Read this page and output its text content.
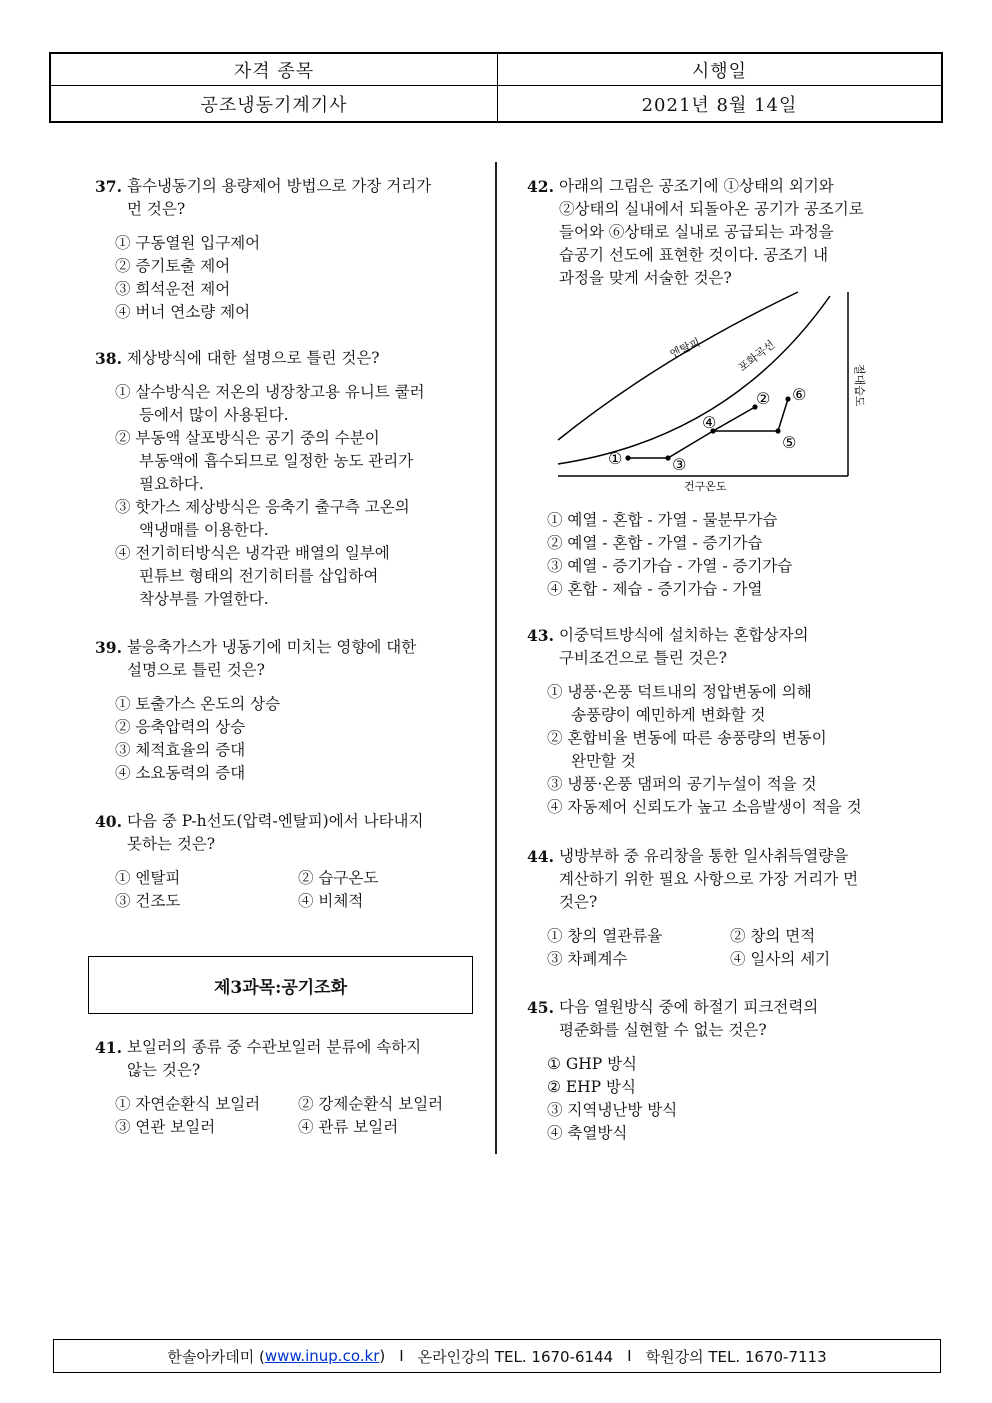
자격 종목	시행일
공조냉동기계기사	2021년 8월 14일
37. 흡수냉동기의 용량제어 방법으로 가장 거리가
먼 것은?
① 구동열원 입구제어
② 증기토출 제어
③ 희석운전 제어
④ 버너 연소량 제어
38. 제상방식에 대한 설명으로 틀린 것은?
① 살수방식은 저온의 냉장창고용 유니트 쿨러
등에서 많이 사용된다.
② 부동액 살포방식은 공기 중의 수분이
부동액에 흡수되므로 일정한 농도 관리가
필요하다.
③ 핫가스 제상방식은 응축기 출구측 고온의
액냉매를 이용한다.
④ 전기히터방식은 냉각관 배열의 일부에
핀튜브 형태의 전기히터를 삽입하여
착상부를 가열한다.
39. 불응축가스가 냉동기에 미치는 영향에 대한
설명으로 틀린 것은?
① 토출가스 온도의 상승
② 응축압력의 상승
③ 체적효율의 증대
④ 소요동력의 증대
40. 다음 중 P-h선도(압력-엔탈피)에서 나타내지
못하는 것은?
① 엔탈피	② 습구온도
③ 건조도	④ 비체적
제3과목:공기조화
41. 보일러의 종류 중 수관보일러 분류에 속하지
않는 것은?
① 자연순환식 보일러	② 강제순환식 보일러
③ 연관 보일러	④ 관류 보일러
42. 아래의 그림은 공조기에 ①상태의 외기와
②상태의 실내에서 되돌아온 공기가 공조기로
들어와 ⑥상태로 실내로 공급되는 과정을
습공기 선도에 표현한 것이다. 공조기 내
과정을 맞게 서술한 것은?
엔탈피	포화곡선
절대습도
건구온도
①
②
③
④
⑤
⑥
① 예열 - 혼합 - 가열 - 물분무가습
② 예열 - 혼합 - 가열 - 증기가습
③ 예열 - 증기가습 - 가열 - 증기가습
④ 혼합 - 제습 - 증기가습 - 가열
43. 이중덕트방식에 설치하는 혼합상자의
구비조건으로 틀린 것은?
① 냉풍·온풍 덕트내의 정압변동에 의해
송풍량이 예민하게 변화할 것
② 혼합비율 변동에 따른 송풍량의 변동이
완만할 것
③ 냉풍·온풍 댐퍼의 공기누설이 적을 것
④ 자동제어 신뢰도가 높고 소음발생이 적을 것
44. 냉방부하 중 유리창을 통한 일사취득열량을
계산하기 위한 필요 사항으로 가장 거리가 먼
것은?
① 창의 열관류율	② 창의 면적
③ 차폐계수	④ 일사의 세기
45. 다음 열원방식 중에 하절기 피크전력의
평준화를 실현할 수 없는 것은?
① GHP 방식
② EHP 방식
③ 지역냉난방 방식
④ 축열방식
한솔아카데미 ( www.inup.co.kr ) I 온라인강의 TEL. 1670-6144 I 학원강의 TEL. 1670-7113
